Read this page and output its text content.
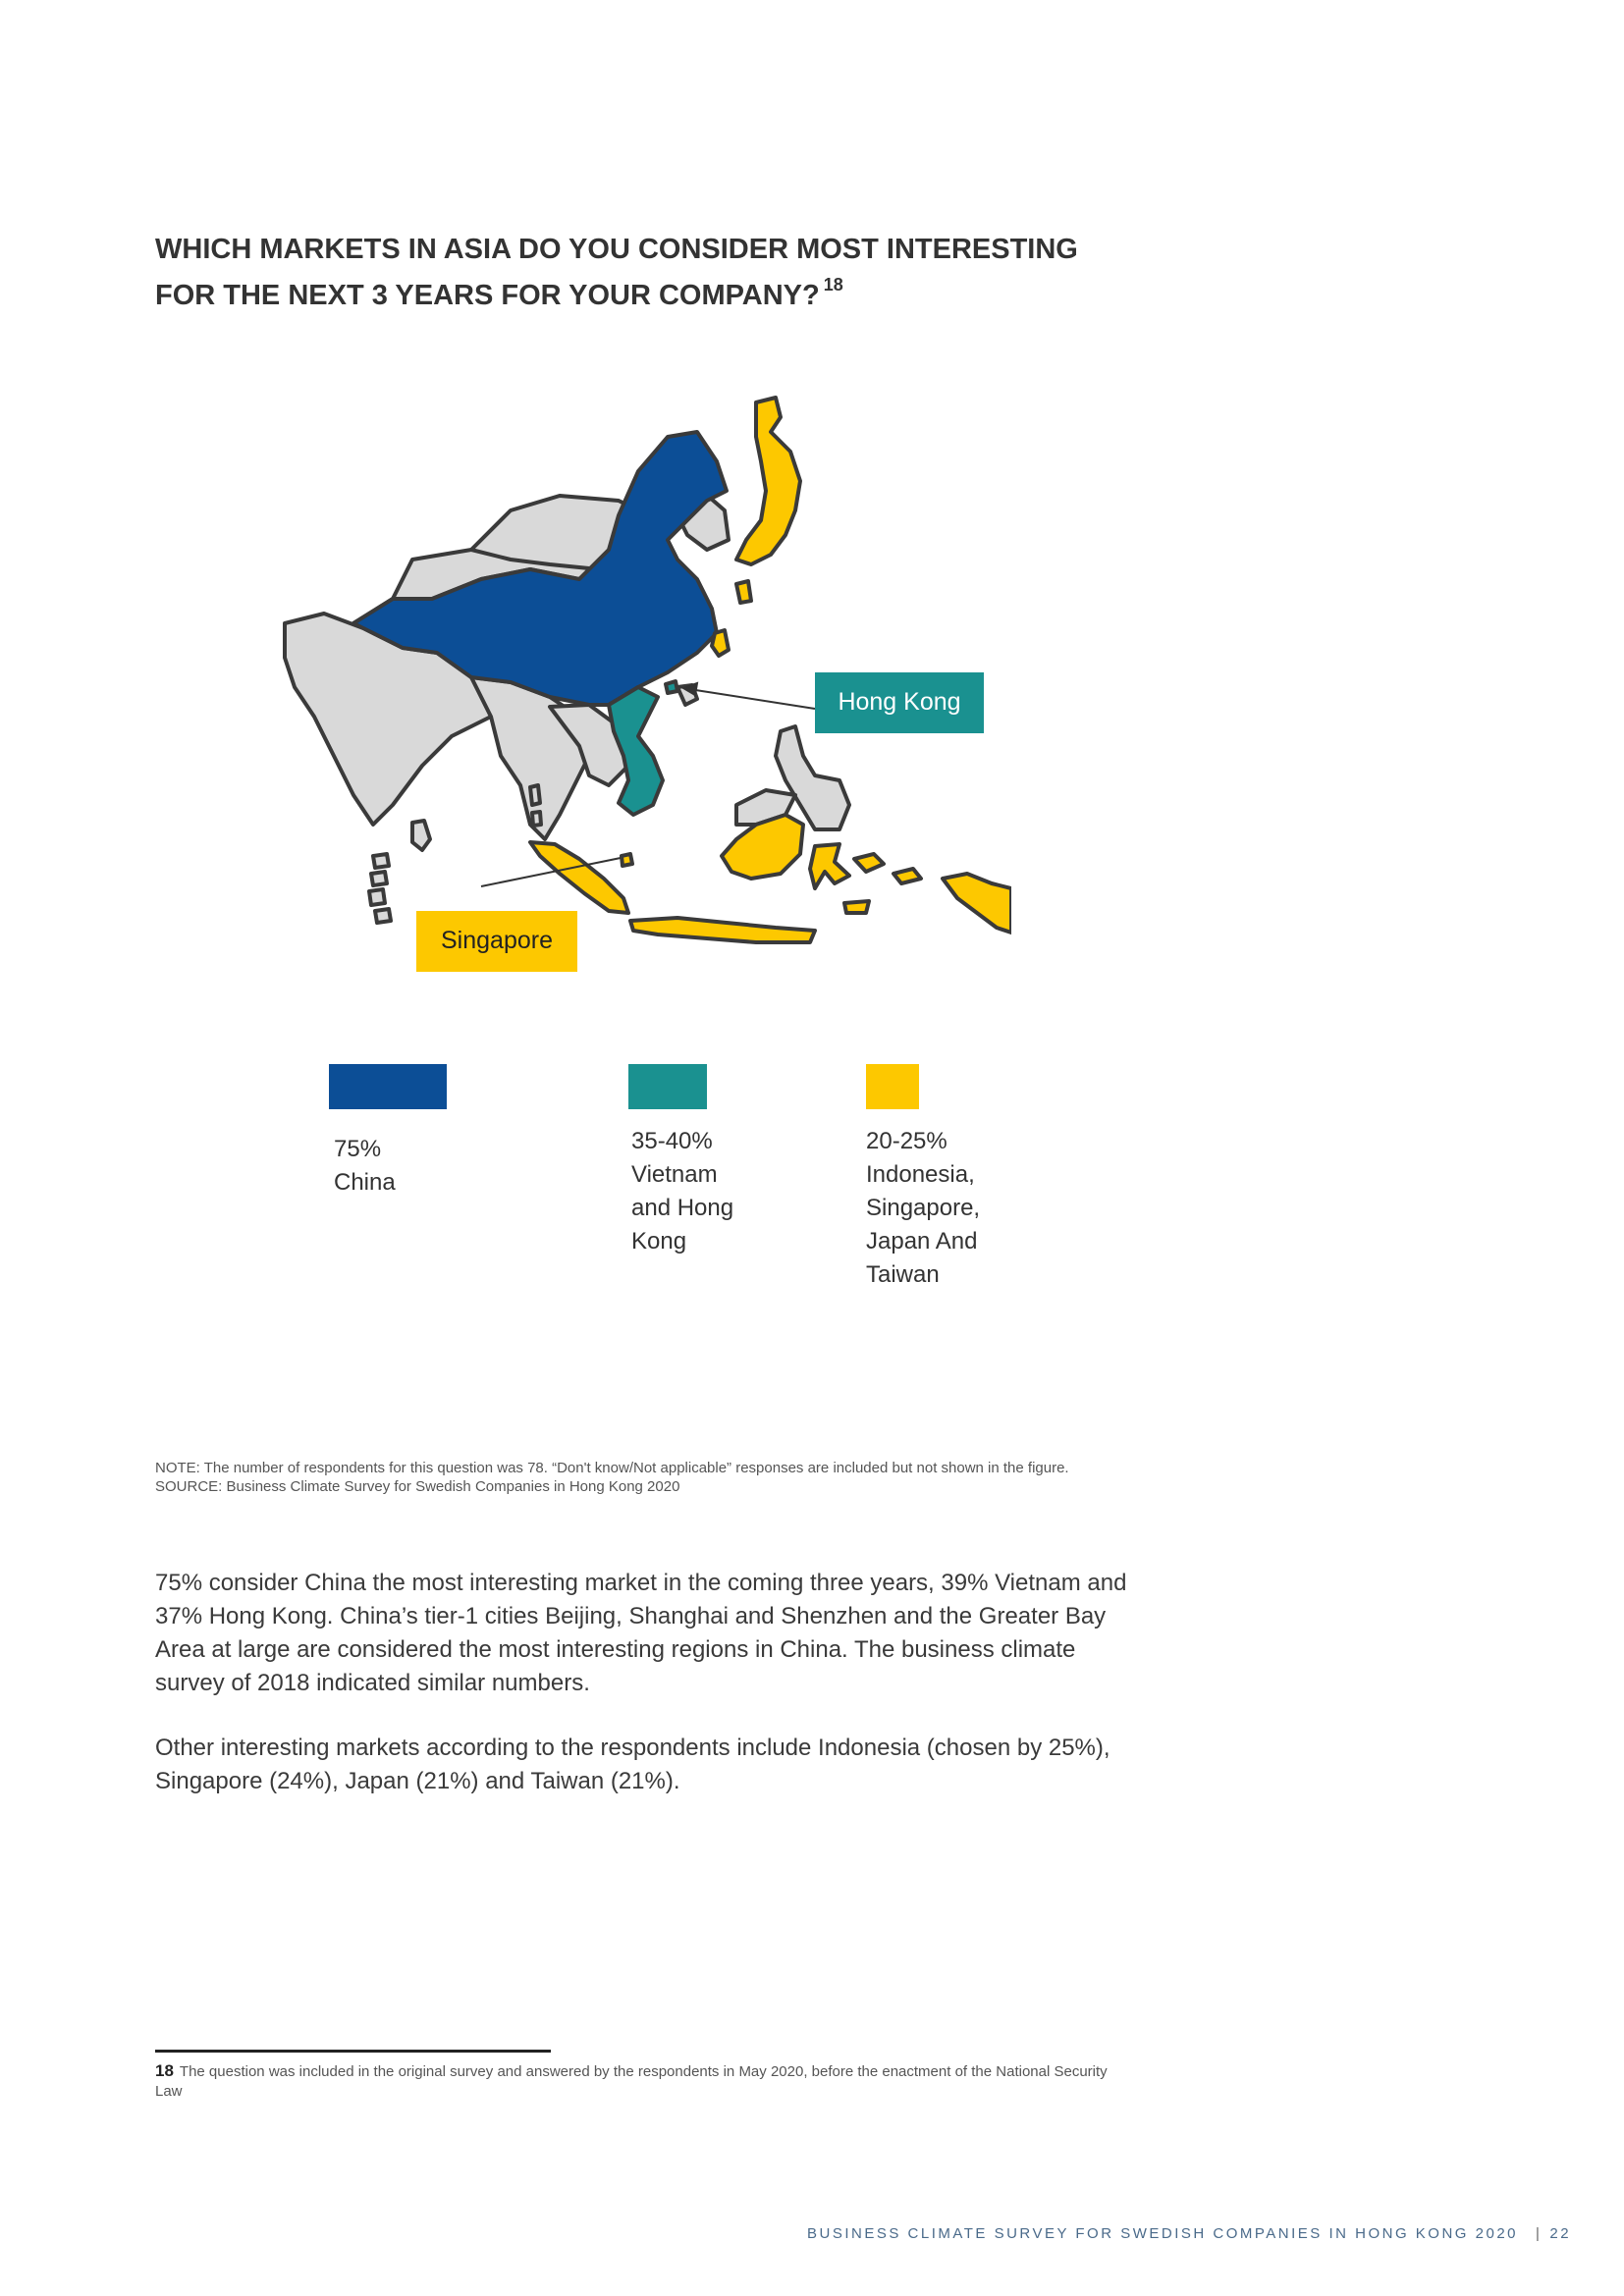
WHICH MARKETS IN ASIA DO YOU CONSIDER MOST INTERESTING FOR THE NEXT 3 YEARS FOR YOUR COMPANY? $^{18}$
Hong Kong
Singapore
75%
China
35-40%
Vietnam
and Hong
Kong
20-25%
Indonesia,
Singapore,
Japan And
Taiwan
NOTE: The number of respondents for this question was 78. “Don't know/Not applicable” responses are included but not shown in the figure.
SOURCE: Business Climate Survey for Swedish Companies in Hong Kong 2020

75% consider China the most interesting market in the coming three years, 39% Vietnam and 37% Hong Kong. China’s tier-1 cities Beijing, Shanghai and Shenzhen and the Greater Bay Area at large are considered the most interesting regions in China. The business climate survey of 2018 indicated similar numbers.

Other interesting markets according to the respondents include Indonesia (chosen by 25%), Singapore (24%), Japan (21%) and Taiwan (21%).

18 The question was included in the original survey and answered by the respondents in May 2020, before the enactment of the National Security Law
BUSINESS CLIMATE SURVEY FOR SWEDISH COMPANIES IN HONG KONG 2020 | 22
